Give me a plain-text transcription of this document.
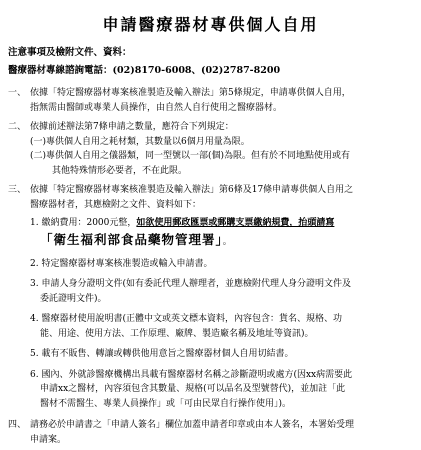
申請醫療器材專供個人自用
注意事項及檢附文件、資料：
醫療器材專線諮詢電話：(02)8170-6008、(02)2787-8200
一、 依據「特定醫療器材專案核准製造及輸入辦法」第5條規定，申請專供個人自用，
指無需由醫師或專業人員操作，由自然人自行使用之醫療器材。
二、 依據前述辦法第7條申請之數量，應符合下列規定：
(一)專供個人自用之耗材類，其數量以6個月用量為限。
(二)專供個人自用之儀器類，同一型號以一部(個)為限。但有於不同地點使用或有
其他特殊情形必要者，不在此限。
三、 依據「特定醫療器材專案核准製造及輸入辦法」第6條及17條申請專供個人自用之
醫療器材者，其應檢附之文件、資料如下：
1. 繳納費用：2000元整，如欲使用郵政匯票或郵購支票繳納規費，抬頭請寫
「衛生福利部食品藥物管理署」。
2. 特定醫療器材專案核准製造或輸入申請書。
3. 申請人身分證明文件(如有委託代理人辦理者，並應檢附代理人身分證明文件及
委託證明文件)。
4. 醫療器材使用說明書(正體中文或英文標本資料，內容包含：貨名、規格、功
能、用途、使用方法、工作原理、廠牌、製造廠名稱及地址等資訊)。
5. 載有不販售、轉讓或轉供他用意旨之醫療器材個人自用切結書。
6. 國內、外就診醫療機構出具載有醫療器材名稱之診斷證明或處方(因xx病需要此
申請xx之醫材，內容須包含其數量、規格(可以品名及型號替代)，並加註「此
醫材不需醫生、專業人員操作」或「可由民眾自行操作使用」)。
四、 請務必於申請書之「申請人簽名」欄位加蓋申請者印章或由本人簽名，本署始受理
申請案。
